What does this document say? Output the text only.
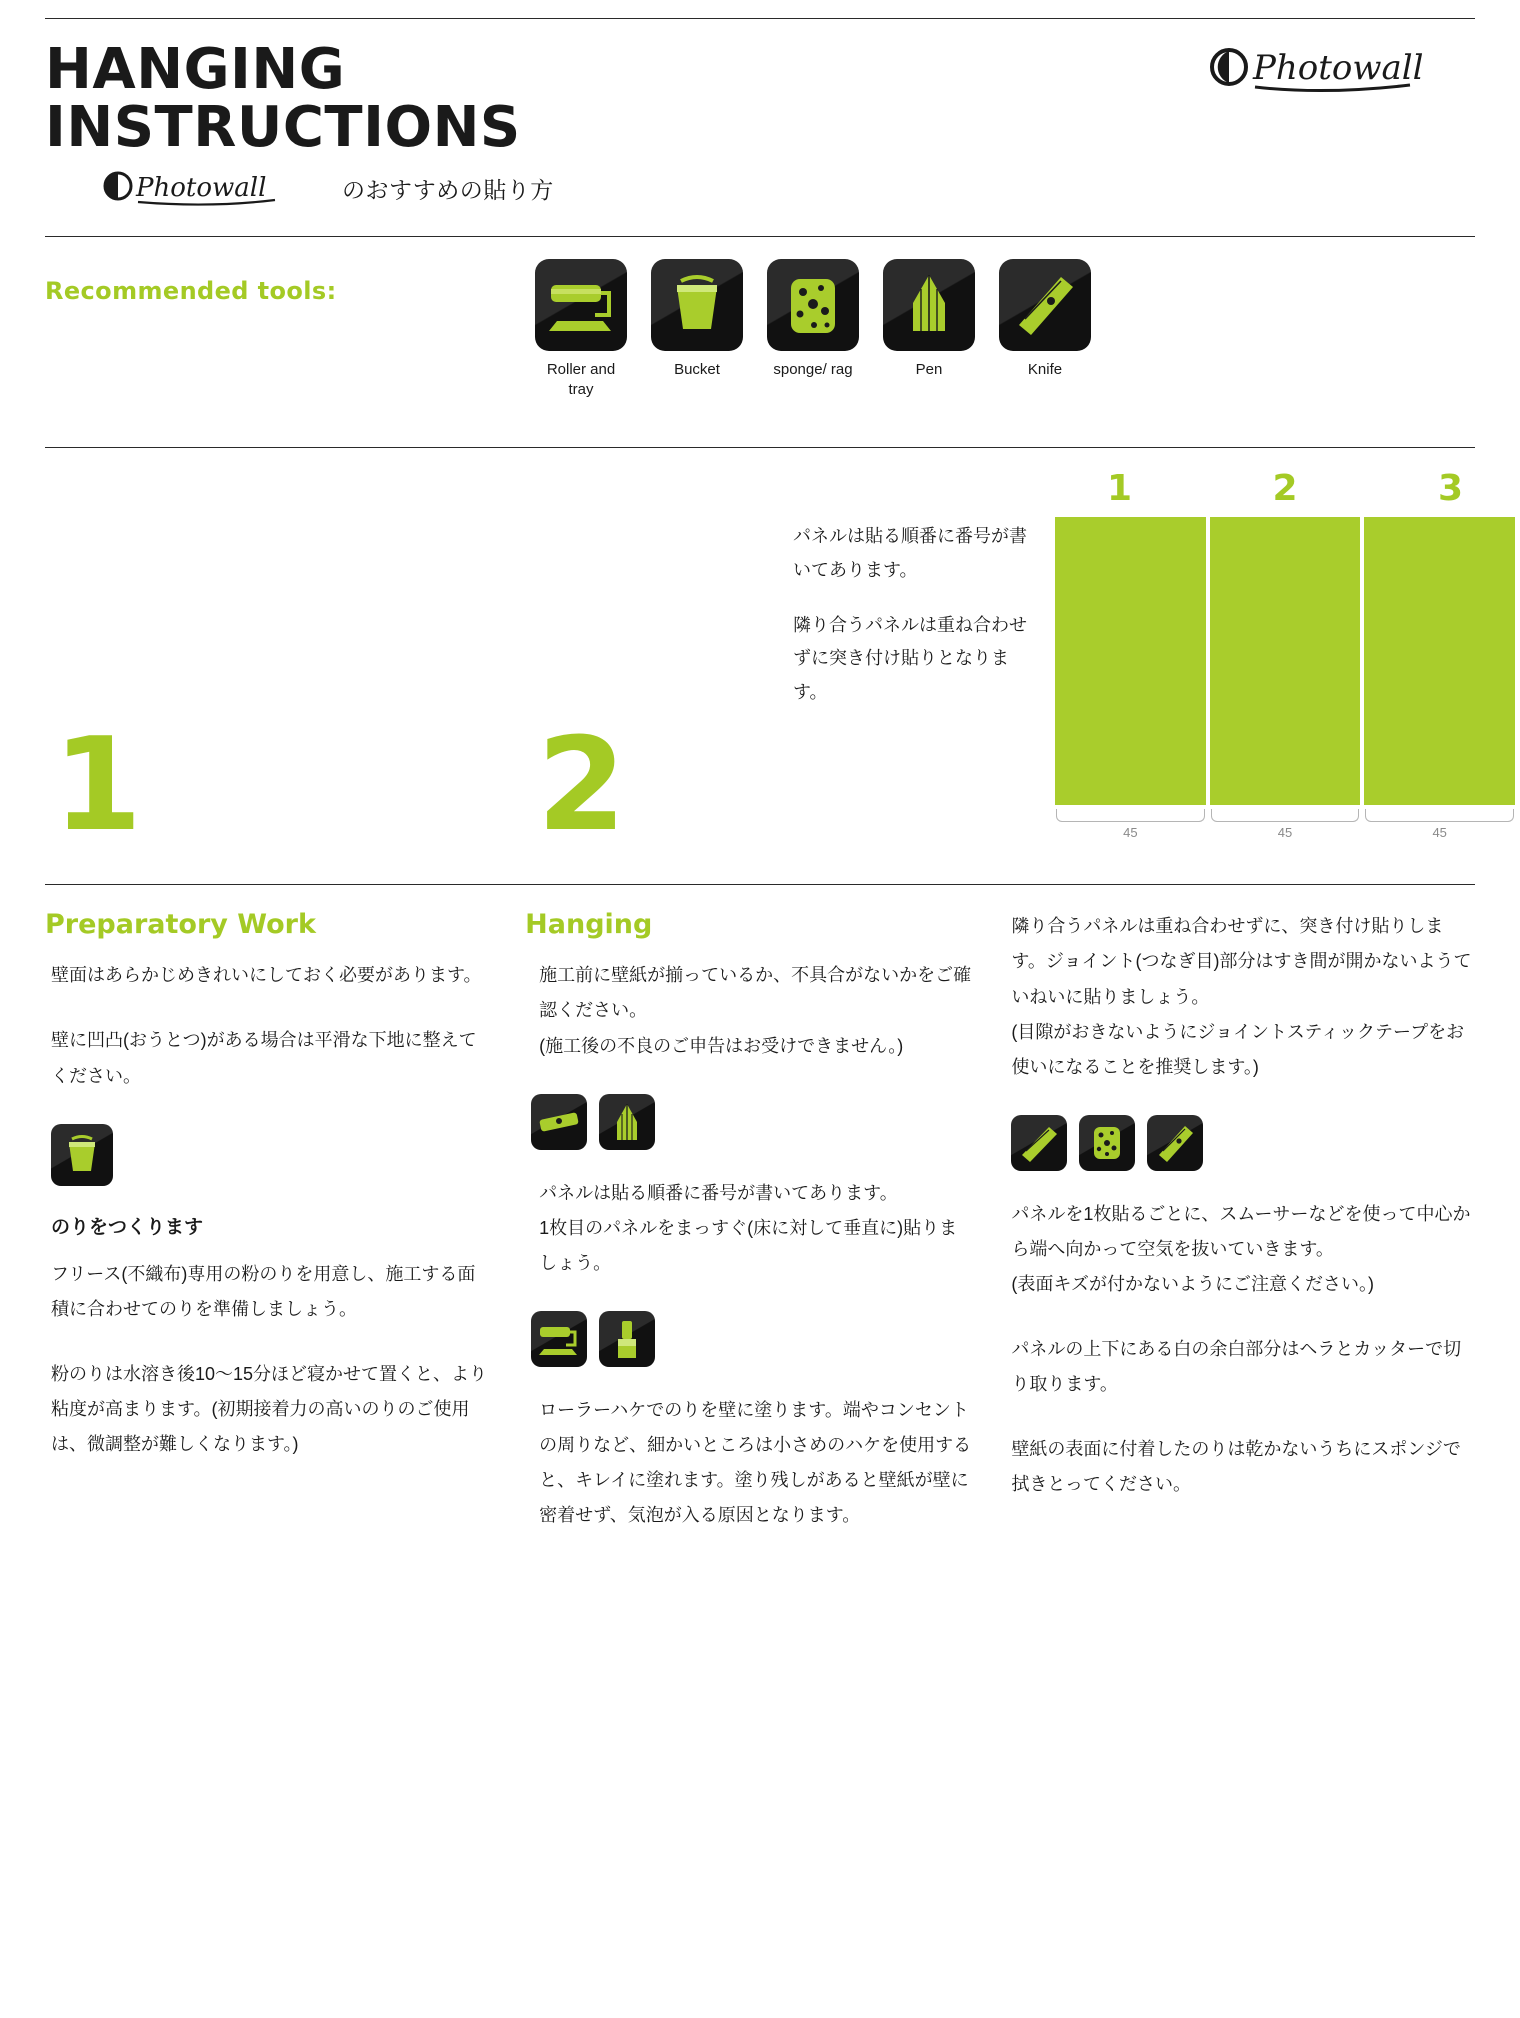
HANGING
INSTRUCTIONS
Photowall
Photowall	のおすすめの貼り方
Recommended tools:
Roller and tray
Bucket	sponge/ rag	Pen	Knife
1	2

パネルは貼る順番に番号が書いてあります。

隣り合うパネルは重ね合わせずに突き付け貼りとなります。

1	2	3
45	45	45
Preparatory Work

壁面はあらかじめきれいにしておく必要があります。

壁に凹凸(おうとつ)がある場合は平滑な下地に整えてください。

のりをつくります

フリース(不織布)専用の粉のりを用意し、施工する面積に合わせてのりを準備しましょう。

粉のりは水溶き後10〜15分ほど寝かせて置くと、より粘度が高まります。(初期接着力の高いのりのご使用は、微調整が難しくなります。)

Hanging

施工前に壁紙が揃っているか、不具合がないかをご確認ください。

(施工後の不良のご申告はお受けできません。)

パネルは貼る順番に番号が書いてあります。

1枚目のパネルをまっすぐ(床に対して垂直に)貼りましょう。

ローラーハケでのりを壁に塗ります。端やコンセントの周りなど、細かいところは小さめのハケを使用すると、キレイに塗れます。塗り残しがあると壁紙が壁に密着せず、気泡が入る原因となります。

隣り合うパネルは重ね合わせずに、突き付け貼りします。ジョイント(つなぎ目)部分はすき間が開かないようていねいに貼りましょう。

(目隙がおきないようにジョイントスティックテープをお使いになることを推奨します。)

パネルを1枚貼るごとに、スムーサーなどを使って中心から端へ向かって空気を抜いていきます。

(表面キズが付かないようにご注意ください。)

パネルの上下にある白の余白部分はヘラとカッターで切り取ります。

壁紙の表面に付着したのりは乾かないうちにスポンジで拭きとってください。
